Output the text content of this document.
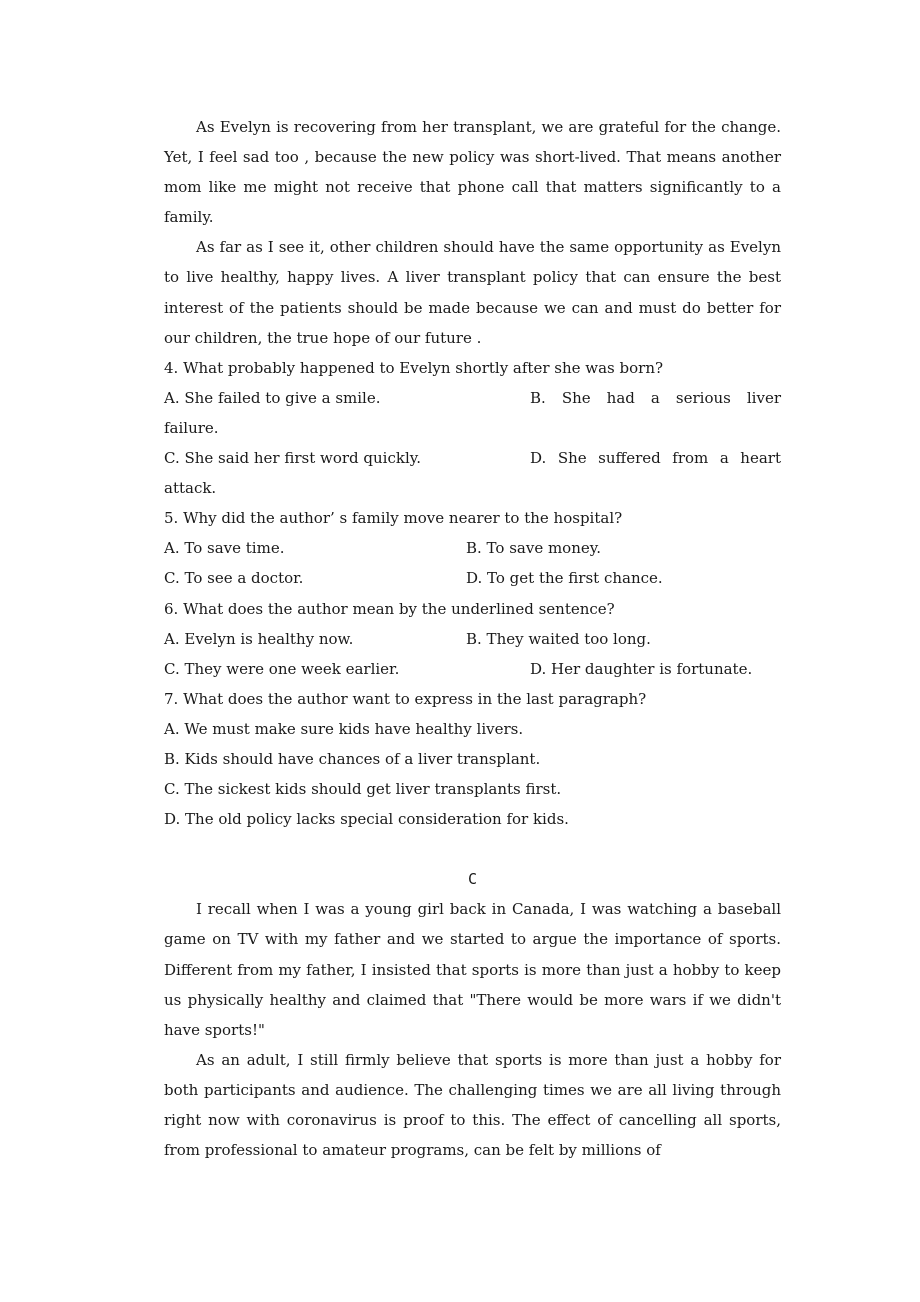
As Evelyn is recovering from her transplant, we are grateful for the change. Yet, I feel sad too , because the new policy was short-lived. That means another mom like me might not receive that phone call that matters significantly to a family.

As far as I see it, other children should have the same opportunity as Evelyn to live healthy, happy lives. A liver transplant policy that can ensure the best interest of the patients should be made because we can and must do better for our children, the true hope of our future .

4. What probably happened to Evelyn shortly after she was born?

A. She failed to give a smile.	B. She had a serious liver

failure.

C. She said her first word quickly.	D. She suffered from a heart

attack.

5. Why did the author’ s family move nearer to the hospital?

A. To save time.	B. To save money.
C. To see a doctor.	D. To get the first chance.

6. What does the author mean by the underlined sentence?

A. Evelyn is healthy now.	B. They waited too long.
C. They were one week earlier.	D. Her daughter is fortunate.

7. What does the author want to express in the last paragraph?

A. We must make sure kids have healthy livers.

B. Kids should have chances of a liver transplant.

C. The sickest kids should get liver transplants first.

D. The old policy lacks special consideration for kids.

C

I recall when I was a young girl back in Canada, I was watching a baseball game on TV with my father and we started to argue the importance of sports. Different from my father, I insisted that sports is more than just a hobby to keep us physically healthy and claimed that "There would be more wars if we didn't have sports!"

As an adult, I still firmly believe that sports is more than just a hobby for both participants and audience. The challenging times we are all living through right now with coronavirus is proof to this. The effect of cancelling all sports, from professional to amateur programs, can be felt by millions of
